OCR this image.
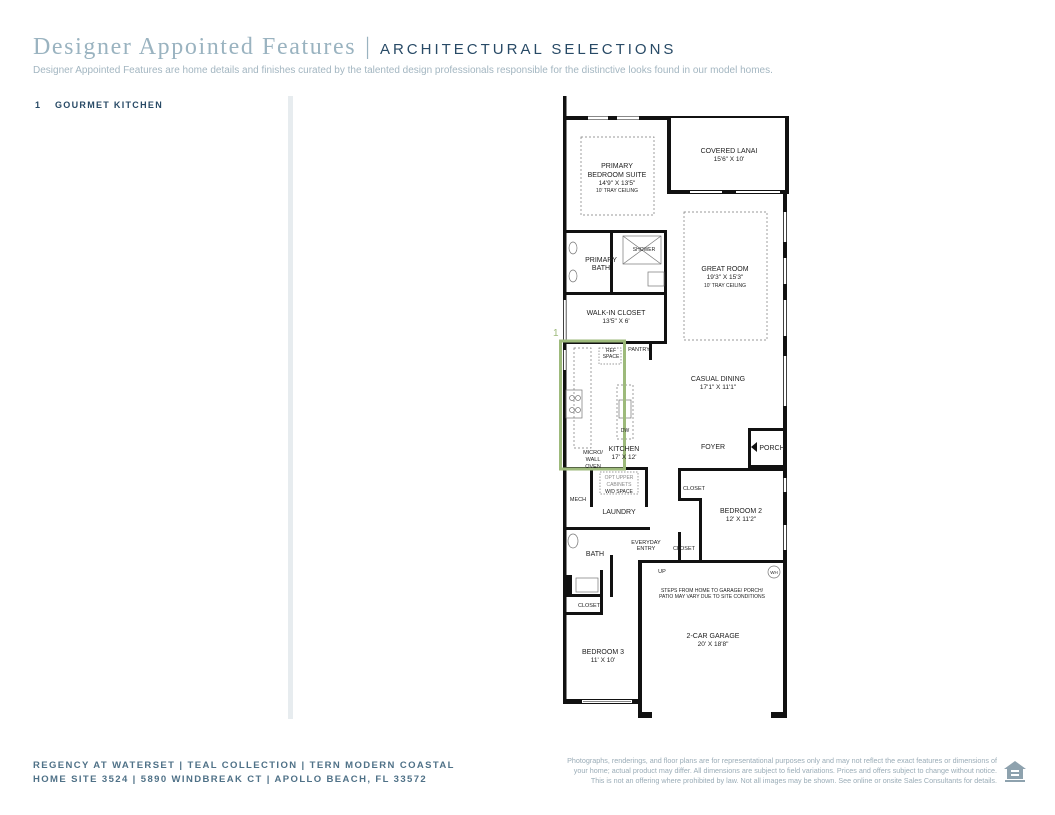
Designer Appointed Features | ARCHITECTURAL SELECTIONS
Designer Appointed Features are home details and finishes curated by the talented design professionals responsible for the distinctive looks found in our model homes.
1	GOURMET KITCHEN
1
PRIMARY
BEDROOM SUITE
14'9" X 13'5"
10' TRAY CEILING
COVERED LANAI
15'6" X 10'
SHOWER
PRIMARY
BATH	GREAT ROOM
19'3" X 15'3"
10' TRAY CEILING
WALK-IN CLOSET
13'5" X 6'
REF
SPACE
PANTRY
CASUAL DINING
17'1" X 11'1"
DW
KITCHEN
17' X 12'
MICRO/
WALL
OVEN
FOYER	PORCH
OPT UPPER
CABINETS
W/D SPACE
MECH
LAUNDRY
CLOSET
BEDROOM 2
12' X 11'2"
EVERYDAY
ENTRY	CLOSET
BATH
UP	WH
STEPS FROM HOME TO GARAGE/ PORCH/
PATIO MAY VARY DUE TO SITE CONDITIONS
CLOSET
2-CAR GARAGE
20' X 18'8"
BEDROOM 3
11' X 10'
REGENCY AT WATERSET | TEAL COLLECTION | TERN MODERN COASTAL
HOME SITE 3524 | 5890 WINDBREAK CT | APOLLO BEACH, FL 33572
Photographs, renderings, and floor plans are for representational purposes only and may not reflect the exact features or dimensions of
your home; actual product may differ. All dimensions are subject to field variations. Prices and offers subject to change without notice.
This is not an offering where prohibited by law. Not all images may be shown. See online or onsite Sales Consultants for details.
